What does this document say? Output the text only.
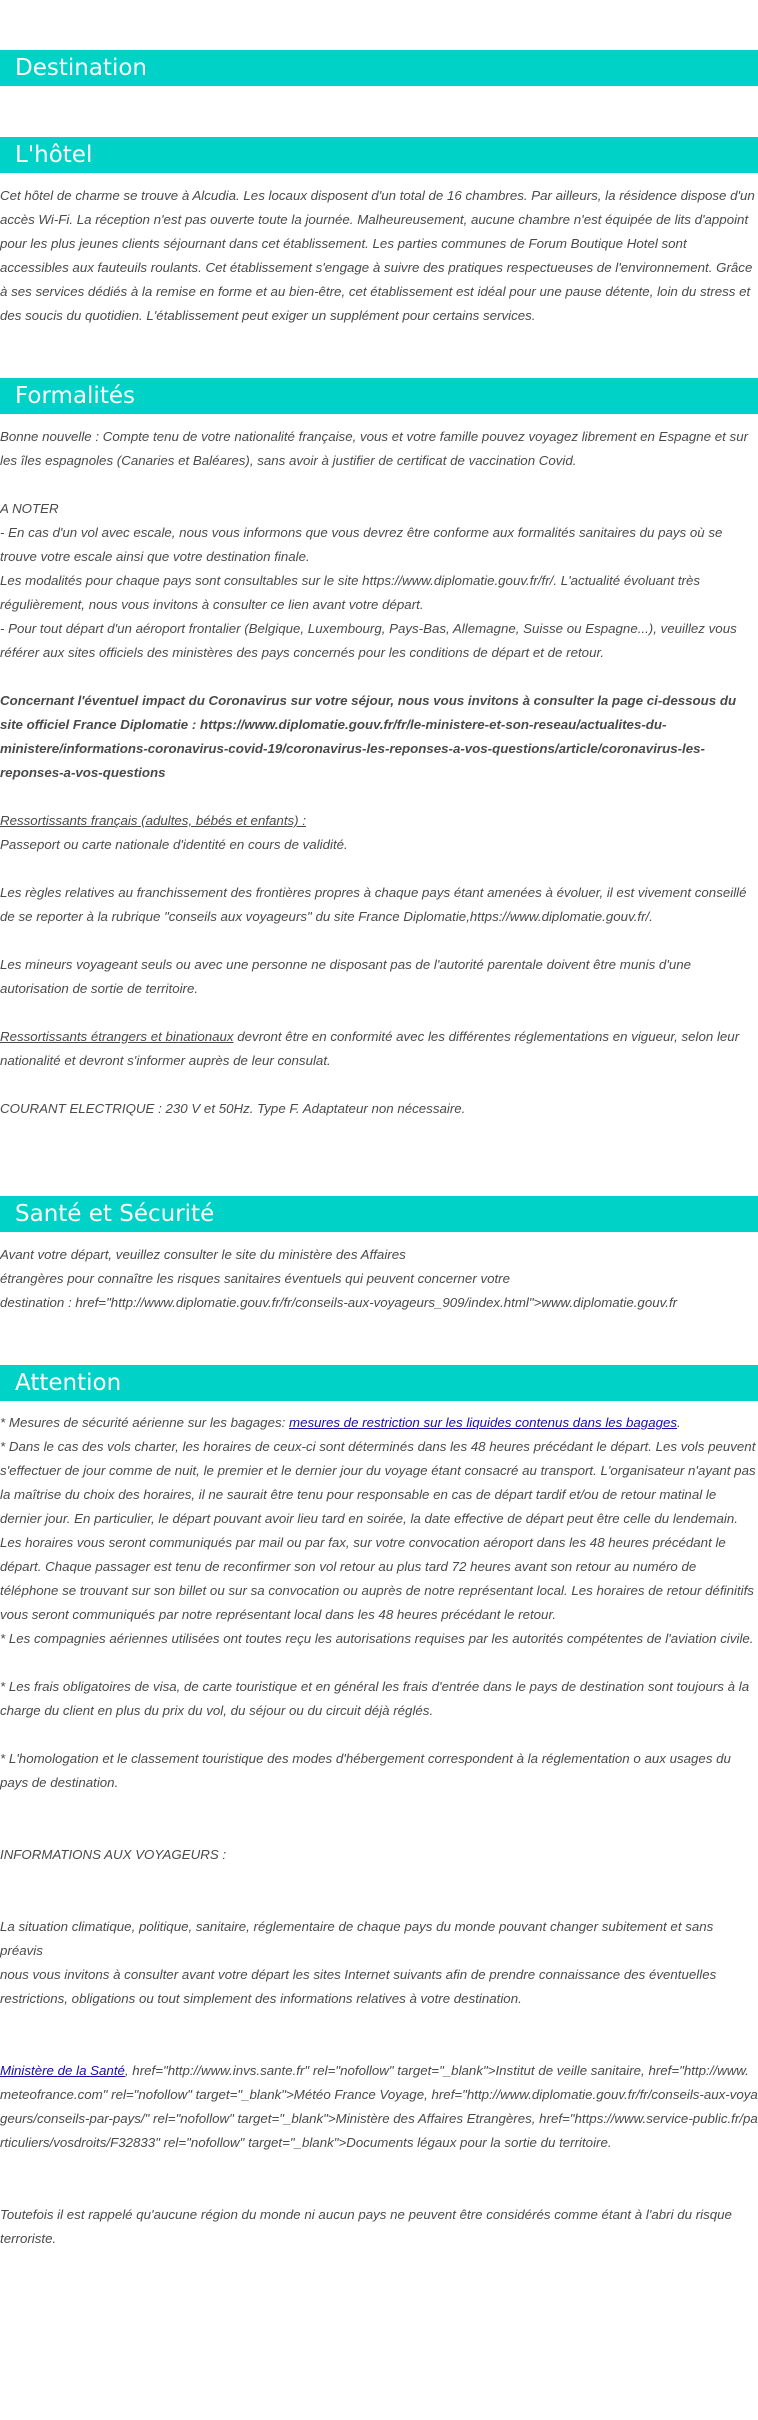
Destination
L'hôtel

Cet hôtel de charme se trouve à Alcudia. Les locaux disposent d'un total de 16 chambres. Par ailleurs, la résidence dispose d'un accès Wi-Fi. La réception n'est pas ouverte toute la journée. Malheureusement, aucune chambre n'est équipée de lits d'appoint pour les plus jeunes clients séjournant dans cet établissement. Les parties communes de Forum Boutique Hotel sont accessibles aux fauteuils roulants. Cet établissement s'engage à suivre des pratiques respectueuses de l'environnement. Grâce à ses services dédiés à la remise en forme et au bien-être, cet établissement est idéal pour une pause détente, loin du stress et des soucis du quotidien. L'établissement peut exiger un supplément pour certains services.

Formalités

Bonne nouvelle : Compte tenu de votre nationalité française, vous et votre famille pouvez voyagez librement en Espagne et sur les îles espagnoles (Canaries et Baléares), sans avoir à justifier de certificat de vaccination Covid.

A NOTER

- En cas d'un vol avec escale, nous vous informons que vous devrez être conforme aux formalités sanitaires du pays où se trouve votre escale ainsi que votre destination finale.

Les modalités pour chaque pays sont consultables sur le site https://www.diplomatie.gouv.fr/fr/. L'actualité évoluant très régulièrement, nous vous invitons à consulter ce lien avant votre départ.

- Pour tout départ d'un aéroport frontalier (Belgique, Luxembourg, Pays-Bas, Allemagne, Suisse ou Espagne...), veuillez vous référer aux sites officiels des ministères des pays concernés pour les conditions de départ et de retour.

Concernant l'éventuel impact du Coronavirus sur votre séjour, nous vous invitons à consulter la page ci-dessous du site officiel France Diplomatie : https://www.diplomatie.gouv.fr/fr/le-ministere-et-son-reseau/actualites-du-ministere/informations-coronavirus-covid-19/coronavirus-les-reponses-a-vos-questions/article/coronavirus-les-reponses-a-vos-questions

Ressortissants français (adultes, bébés et enfants) :

Passeport ou carte nationale d'identité en cours de validité.

Les règles relatives au franchissement des frontières propres à chaque pays étant amenées à évoluer, il est vivement conseillé de se reporter à la rubrique "conseils aux voyageurs" du site France Diplomatie,https://www.diplomatie.gouv.fr/.

Les mineurs voyageant seuls ou avec une personne ne disposant pas de l'autorité parentale doivent être munis d'une autorisation de sortie de territoire.

Ressortissants étrangers et binationaux devront être en conformité avec les différentes réglementations en vigueur, selon leur nationalité et devront s'informer auprès de leur consulat.

COURANT ELECTRIQUE : 230 V et 50Hz. Type F. Adaptateur non nécessaire.

Santé et Sécurité

Avant votre départ, veuillez consulter le site du ministère des Affaires

étrangères pour connaître les risques sanitaires éventuels qui peuvent concerner votre

destination : href="http://www.diplomatie.gouv.fr/fr/conseils-aux-voyageurs_909/index.html">www.diplomatie.gouv.fr

Attention

* Mesures de sécurité aérienne sur les bagages: mesures de restriction sur les liquides contenus dans les bagages.

* Dans le cas des vols charter, les horaires de ceux-ci sont déterminés dans les 48 heures précédant le départ. Les vols peuvent s'effectuer de jour comme de nuit, le premier et le dernier jour du voyage étant consacré au transport. L'organisateur n'ayant pas la maîtrise du choix des horaires, il ne saurait être tenu pour responsable en cas de départ tardif et/ou de retour matinal le dernier jour. En particulier, le départ pouvant avoir lieu tard en soirée, la date effective de départ peut être celle du lendemain. Les horaires vous seront communiqués par mail ou par fax, sur votre convocation aéroport dans les 48 heures précédant le départ. Chaque passager est tenu de reconfirmer son vol retour au plus tard 72 heures avant son retour au numéro de téléphone se trouvant sur son billet ou sur sa convocation ou auprès de notre représentant local. Les horaires de retour définitifs vous seront communiqués par notre représentant local dans les 48 heures précédant le retour.

* Les compagnies aériennes utilisées ont toutes reçu les autorisations requises par les autorités compétentes de l'aviation civile.

* Les frais obligatoires de visa, de carte touristique et en général les frais d'entrée dans le pays de destination sont toujours à la charge du client en plus du prix du vol, du séjour ou du circuit déjà réglés.

* L'homologation et le classement touristique des modes d'hébergement correspondent à la réglementation o aux usages du pays de destination.

INFORMATIONS AUX VOYAGEURS :

La situation climatique, politique, sanitaire, réglementaire de chaque pays du monde pouvant changer subitement et sans préavis

nous vous invitons à consulter avant votre départ les sites Internet suivants afin de prendre connaissance des éventuelles restrictions, obligations ou tout simplement des informations relatives à votre destination.

Ministère de la Santé, href="http://www.invs.sante.fr" rel="nofollow" target="_blank">Institut de veille sanitaire, href="http://www.meteofrance.com" rel="nofollow" target="_blank">Météo France Voyage, href="http://www.diplomatie.gouv.fr/fr/conseils-aux-voyageurs/conseils-par-pays/" rel="nofollow" target="_blank">Ministère des Affaires Etrangères, href="https://www.service-public.fr/particuliers/vosdroits/F32833" rel="nofollow" target="_blank">Documents légaux pour la sortie du territoire.

Toutefois il est rappelé qu'aucune région du monde ni aucun pays ne peuvent être considérés comme étant à l'abri du risque terroriste.
